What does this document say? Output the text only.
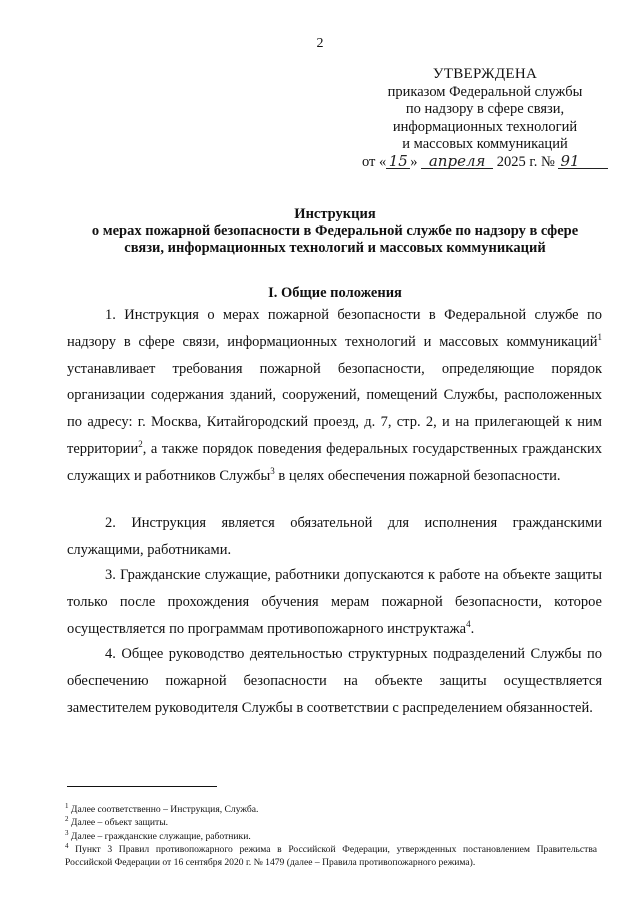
2
УТВЕРЖДЕНА
приказом Федеральной службы
по надзору в сфере связи,
информационных технологий
и массовых коммуникаций
от « 15 » апреля 2025 г. № 91
Инструкция
о мерах пожарной безопасности в Федеральной службе по надзору в сфере
связи, информационных технологий и массовых коммуникаций
I. Общие положения

1. Инструкция о мерах пожарной безопасности в Федеральной службе по надзору в сфере связи, информационных технологий и массовых коммуникаций$^1$ устанавливает требования пожарной безопасности, определяющие порядок организации содержания зданий, сооружений, помещений Службы, расположенных по адресу: г. Москва, Китайгородский проезд, д. 7, стр. 2, и на прилегающей к ним территории$^2$, а также порядок поведения федеральных государственных гражданских служащих и работников Службы$^3$ в целях обеспечения пожарной безопасности.

2. Инструкция является обязательной для исполнения гражданскими служащими, работниками.

3. Гражданские служащие, работники допускаются к работе на объекте защиты только после прохождения обучения мерам пожарной безопасности, которое осуществляется по программам противопожарного инструктажа$^4$.

4. Общее руководство деятельностью структурных подразделений Службы по обеспечению пожарной безопасности на объекте защиты осуществляется заместителем руководителя Службы в соответствии с распределением обязанностей.

$^1$ Далее соответственно – Инструкция, Служба.

$^2$ Далее – объект защиты.

$^3$ Далее – гражданские служащие, работники.

$^4$ Пункт 3 Правил противопожарного режима в Российской Федерации, утвержденных постановлением Правительства Российской Федерации от 16 сентября 2020 г. № 1479 (далее – Правила противопожарного режима).
